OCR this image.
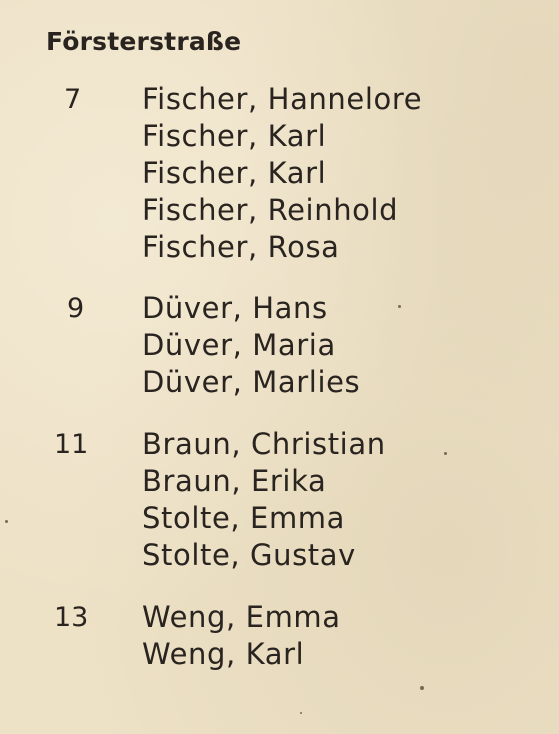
Försterstraße
7 Fischer, Hannelore
Fischer, Karl
Fischer, Karl
Fischer, Reinhold
Fischer, Rosa
9 Düver, Hans
Düver, Maria
Düver, Marlies
11 Braun, Christian
Braun, Erika
Stolte, Emma
Stolte, Gustav
13 Weng, Emma
Weng, Karl
